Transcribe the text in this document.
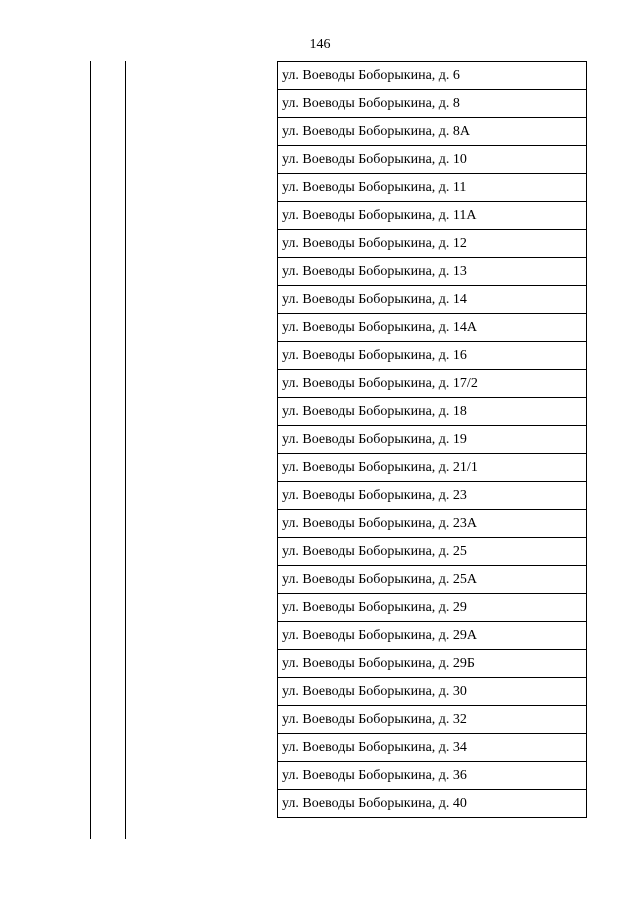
146
ул. Воеводы Боборыкина, д. 6
ул. Воеводы Боборыкина, д. 8
ул. Воеводы Боборыкина, д. 8А
ул. Воеводы Боборыкина, д. 10
ул. Воеводы Боборыкина, д. 11
ул. Воеводы Боборыкина, д. 11А
ул. Воеводы Боборыкина, д. 12
ул. Воеводы Боборыкина, д. 13
ул. Воеводы Боборыкина, д. 14
ул. Воеводы Боборыкина, д. 14А
ул. Воеводы Боборыкина, д. 16
ул. Воеводы Боборыкина, д. 17/2
ул. Воеводы Боборыкина, д. 18
ул. Воеводы Боборыкина, д. 19
ул. Воеводы Боборыкина, д. 21/1
ул. Воеводы Боборыкина, д. 23
ул. Воеводы Боборыкина, д. 23А
ул. Воеводы Боборыкина, д. 25
ул. Воеводы Боборыкина, д. 25А
ул. Воеводы Боборыкина, д. 29
ул. Воеводы Боборыкина, д. 29А
ул. Воеводы Боборыкина, д. 29Б
ул. Воеводы Боборыкина, д. 30
ул. Воеводы Боборыкина, д. 32
ул. Воеводы Боборыкина, д. 34
ул. Воеводы Боборыкина, д. 36
ул. Воеводы Боборыкина, д. 40
